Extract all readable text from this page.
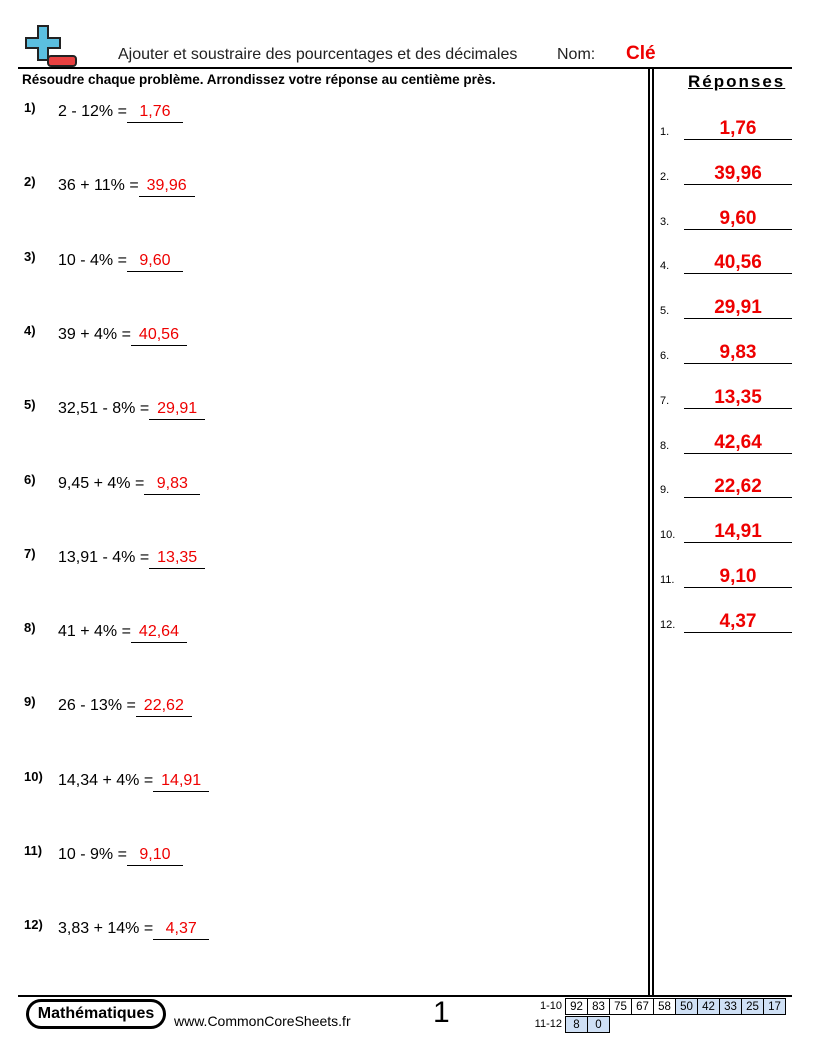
Ajouter et soustraire des pourcentages et des décimales Nom: Clé
Résoudre chaque problème. Arrondissez votre réponse au centième près.	Réponses
1) 2 - 12% = 1,76
2) 36 + 11% = 39,96
3) 10 - 4% = 9,60
4) 39 + 4% = 40,56
5) 32,51 - 8% = 29,91
6) 9,45 + 4% = 9,83
7) 13,91 - 4% = 13,35
8) 41 + 4% = 42,64
9) 26 - 13% = 22,62
10) 14,34 + 4% = 14,91
11) 10 - 9% = 9,10
12) 3,83 + 14% = 4,37
1.	1,76
2.	39,96
3.	9,60
4.	40,56
5.	29,91
6.	9,83
7.	13,35
8.	42,64
9.	22,62
10.	14,91
11.	9,10
12.	4,37
Mathématiques	www.CommonCoreSheets.fr	1	1-10 92	83	75	67	58	50	42	33	25	17
11-12 8	0
